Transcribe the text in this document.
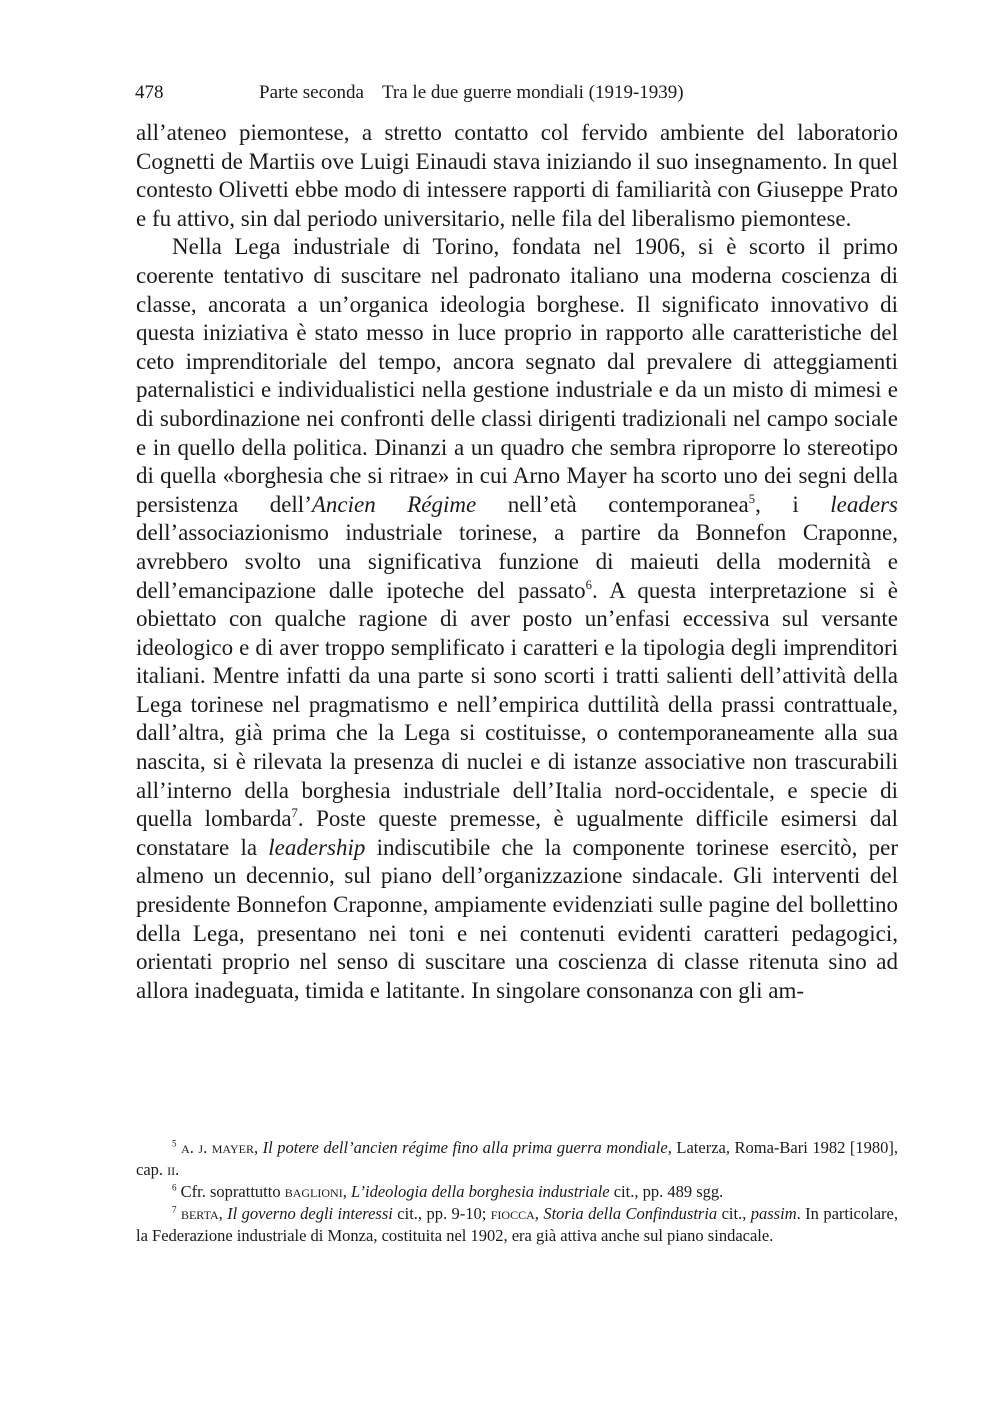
478	Parte seconda Tra le due guerre mondiali (1919-1939)

all’ateneo piemontese, a stretto contatto col fervido ambiente del laboratorio Cognetti de Martiis ove Luigi Einaudi stava iniziando il suo insegnamento. In quel contesto Olivetti ebbe modo di intessere rapporti di familiarità con Giuseppe Prato e fu attivo, sin dal periodo universitario, nelle fila del liberalismo piemontese.

Nella Lega industriale di Torino, fondata nel 1906, si è scorto il primo coerente tentativo di suscitare nel padronato italiano una moderna coscienza di classe, ancorata a un’organica ideologia borghese. Il significato innovativo di questa iniziativa è stato messo in luce proprio in rapporto alle caratteristiche del ceto imprenditoriale del tempo, ancora segnato dal prevalere di atteggiamenti paternalistici e individualistici nella gestione industriale e da un misto di mimesi e di subordinazione nei confronti delle classi dirigenti tradizionali nel campo sociale e in quello della politica. Dinanzi a un quadro che sembra riproporre lo stereotipo di quella «borghesia che si ritrae» in cui Arno Mayer ha scorto uno dei segni della persistenza dell’Ancien Régime nell’età contemporanea$^5$, i leaders dell’associazionismo industriale torinese, a partire da Bonnefon Craponne, avrebbero svolto una significativa funzione di maieuti della modernità e dell’emancipazione dalle ipoteche del passato$^6$. A questa interpretazione si è obiettato con qualche ragione di aver posto un’enfasi eccessiva sul versante ideologico e di aver troppo semplificato i caratteri e la tipologia degli imprenditori italiani. Mentre infatti da una parte si sono scorti i tratti salienti dell’attività della Lega torinese nel pragmatismo e nell’empirica duttilità della prassi contrattuale, dall’altra, già prima che la Lega si costituisse, o contemporaneamente alla sua nascita, si è rilevata la presenza di nuclei e di istanze associative non trascurabili all’interno della borghesia industriale dell’Italia nord-occidentale, e specie di quella lombarda$^7$. Poste queste premesse, è ugualmente difficile esimersi dal constatare la leadership indiscutibile che la componente torinese esercitò, per almeno un decennio, sul piano dell’organizzazione sindacale. Gli interventi del presidente Bonnefon Craponne, ampiamente evidenziati sulle pagine del bollettino della Lega, presentano nei toni e nei contenuti evidenti caratteri pedagogici, orientati proprio nel senso di suscitare una coscienza di classe ritenuta sino ad allora inadeguata, timida e latitante. In singolare consonanza con gli am-

$^5$ a. j. mayer, Il potere dell’ancien régime fino alla prima guerra mondiale, Laterza, Roma-Bari 1982 [1980], cap. ii.

$^6$ Cfr. soprattutto baglioni, L’ideologia della borghesia industriale cit., pp. 489 sgg.

$^7$ berta, Il governo degli interessi cit., pp. 9-10; fiocca, Storia della Confindustria cit., passim. In particolare, la Federazione industriale di Monza, costituita nel 1902, era già attiva anche sul piano sindacale.
